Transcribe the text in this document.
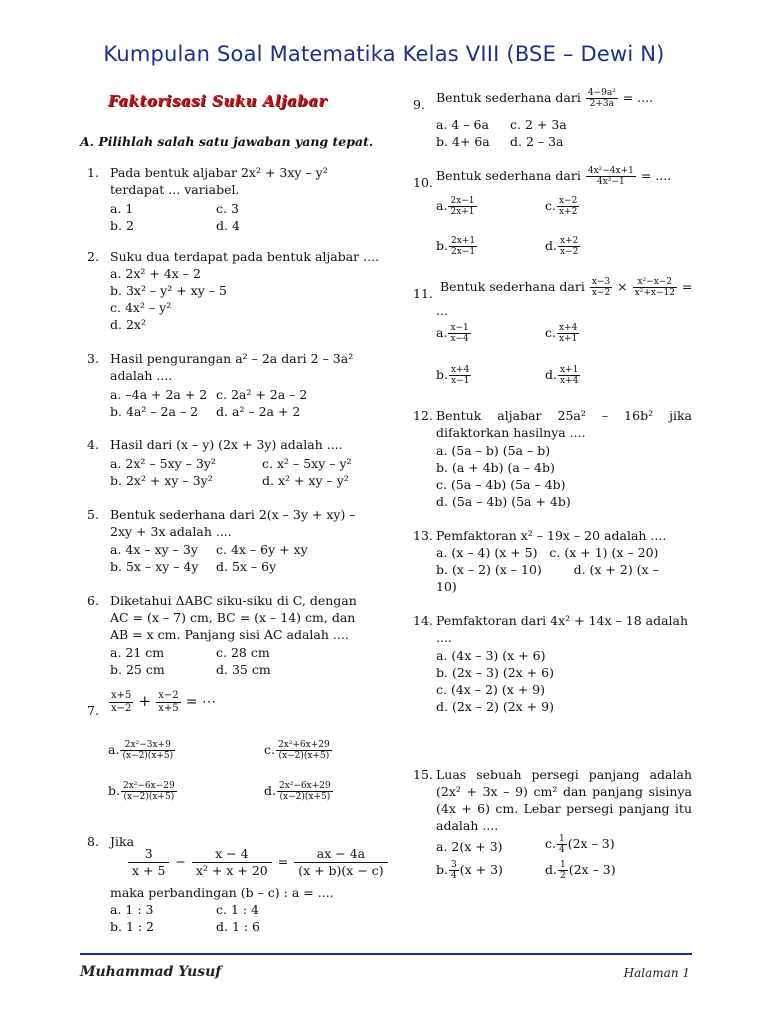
Kumpulan Soal Matematika Kelas VIII (BSE – Dewi N)
Faktorisasi Suku Aljabar
A. Pilihlah salah satu jawaban yang tepat.
1. Pada bentuk aljabar 2x² + 3xy – y² terdapat ... variabel.
a. 1	c. 3
b. 2	d. 4
2. Suku dua terdapat pada bentuk aljabar ....
a. 2x² + 4x – 2
b. 3x² – y² + xy – 5
c. 4x² – y²
d. 2x²
3. Hasil pengurangan a² – 2a dari 2 – 3a² adalah ....
a. –4a + 2a + 2 c. 2a² + 2a – 2
b. 4a² – 2a – 2 d. a² – 2a + 2
4. Hasil dari (x – y) (2x + 3y) adalah ....
a. 2x² – 5xy – 3y²	c. x² – 5xy – y²
b. 2x² + xy – 3y²	d. x² + xy – y²
5. Bentuk sederhana dari 2(x – 3y + xy) – 2xy + 3x adalah ....
a. 4x – xy – 3y c. 4x – 6y + xy
b. 5x – xy – 4y d. 5x – 6y
6. Diketahui ΔABC siku-siku di C, dengan AC = (x – 7) cm, BC = (x – 14) cm, dan AB = x cm. Panjang sisi AC adalah ....
a. 21 cm	c. 28 cm
b. 25 cm	d. 35 cm
7. $\frac{x+5}{x-2} + \frac{x-2}{x+5}$ = ⋯
a. $\frac{\text{2x²−3x+9}}{(x-2)(x+5)}$	c. $\frac{\text{2x²+6x+29}}{(x-2)(x+5)}$
b. $\frac{\text{2x²−6x−29}}{(x-2)(x+5)}$	d. $\frac{\text{2x²−6x+29}}{(x-2)(x+5)}$
8. Jika
$\frac{3}{x + 5} - \frac{x - 4}{\text{x² + x + 20}} = \frac{ax - 4a}{(x + b)(x - c)}$
maka perbandingan (b – c) : a = ....
a. 1 : 3	c. 1 : 4
b. 1 : 2	d. 1 : 6
9. Bentuk sederhana dari $\frac{\text{4−9a²}}{2+3a}$ = ....
a. 4 – 6a c. 2 + 3a
b. 4+ 6a d. 2 – 3a
10. Bentuk sederhana dari $\frac{\text{4x²−4x+1}}{\text{4x²−1}}$ = ....
a. $\frac{2x-1}{2x+1}$	c. $\frac{x-2}{x+2}$
b. $\frac{2x+1}{2x-1}$	d. $\frac{x+2}{x-2}$
11. Bentuk sederhana dari $\frac{x-3}{x-2} \times \frac{\text{x²−x−2}}{\text{x²+x−12}}$ =
...
a. $\frac{x-1}{x-4}$	c. $\frac{x+4}{x+1}$
b. $\frac{x+4}{x-1}$	d. $\frac{x+1}{x+4}$
12. Bentuk aljabar 25a² – 16b² jika difaktorkan hasilnya ....
a. (5a – b) (5a – b)
b. (a + 4b) (a – 4b)
c. (5a – 4b) (5a – 4b)
d. (5a – 4b) (5a + 4b)
13. Pemfaktoran x² – 19x – 20 adalah ....
a. (x – 4) (x + 5)   c. (x + 1) (x – 20)
b. (x – 2) (x – 10)        d. (x + 2) (x –
10)
14. Pemfaktoran dari 4x² + 14x – 18 adalah ....
a. (4x – 3) (x + 6)
b. (2x – 3) (2x + 6)
c. (4x – 2) (x + 9)
d. (2x – 2) (2x + 9)
15. Luas sebuah persegi panjang adalah (2x² + 3x – 9) cm² dan panjang sisinya (4x + 6) cm. Lebar persegi panjang itu adalah ....
a. 2(x + 3)	c. $\frac{1}{4} (2x - 3)$
b. $\frac{3}{4} (x + 3)$	d. $\frac{1}{2} (2x - 3)$
Muhammad Yusuf	Halaman 1
